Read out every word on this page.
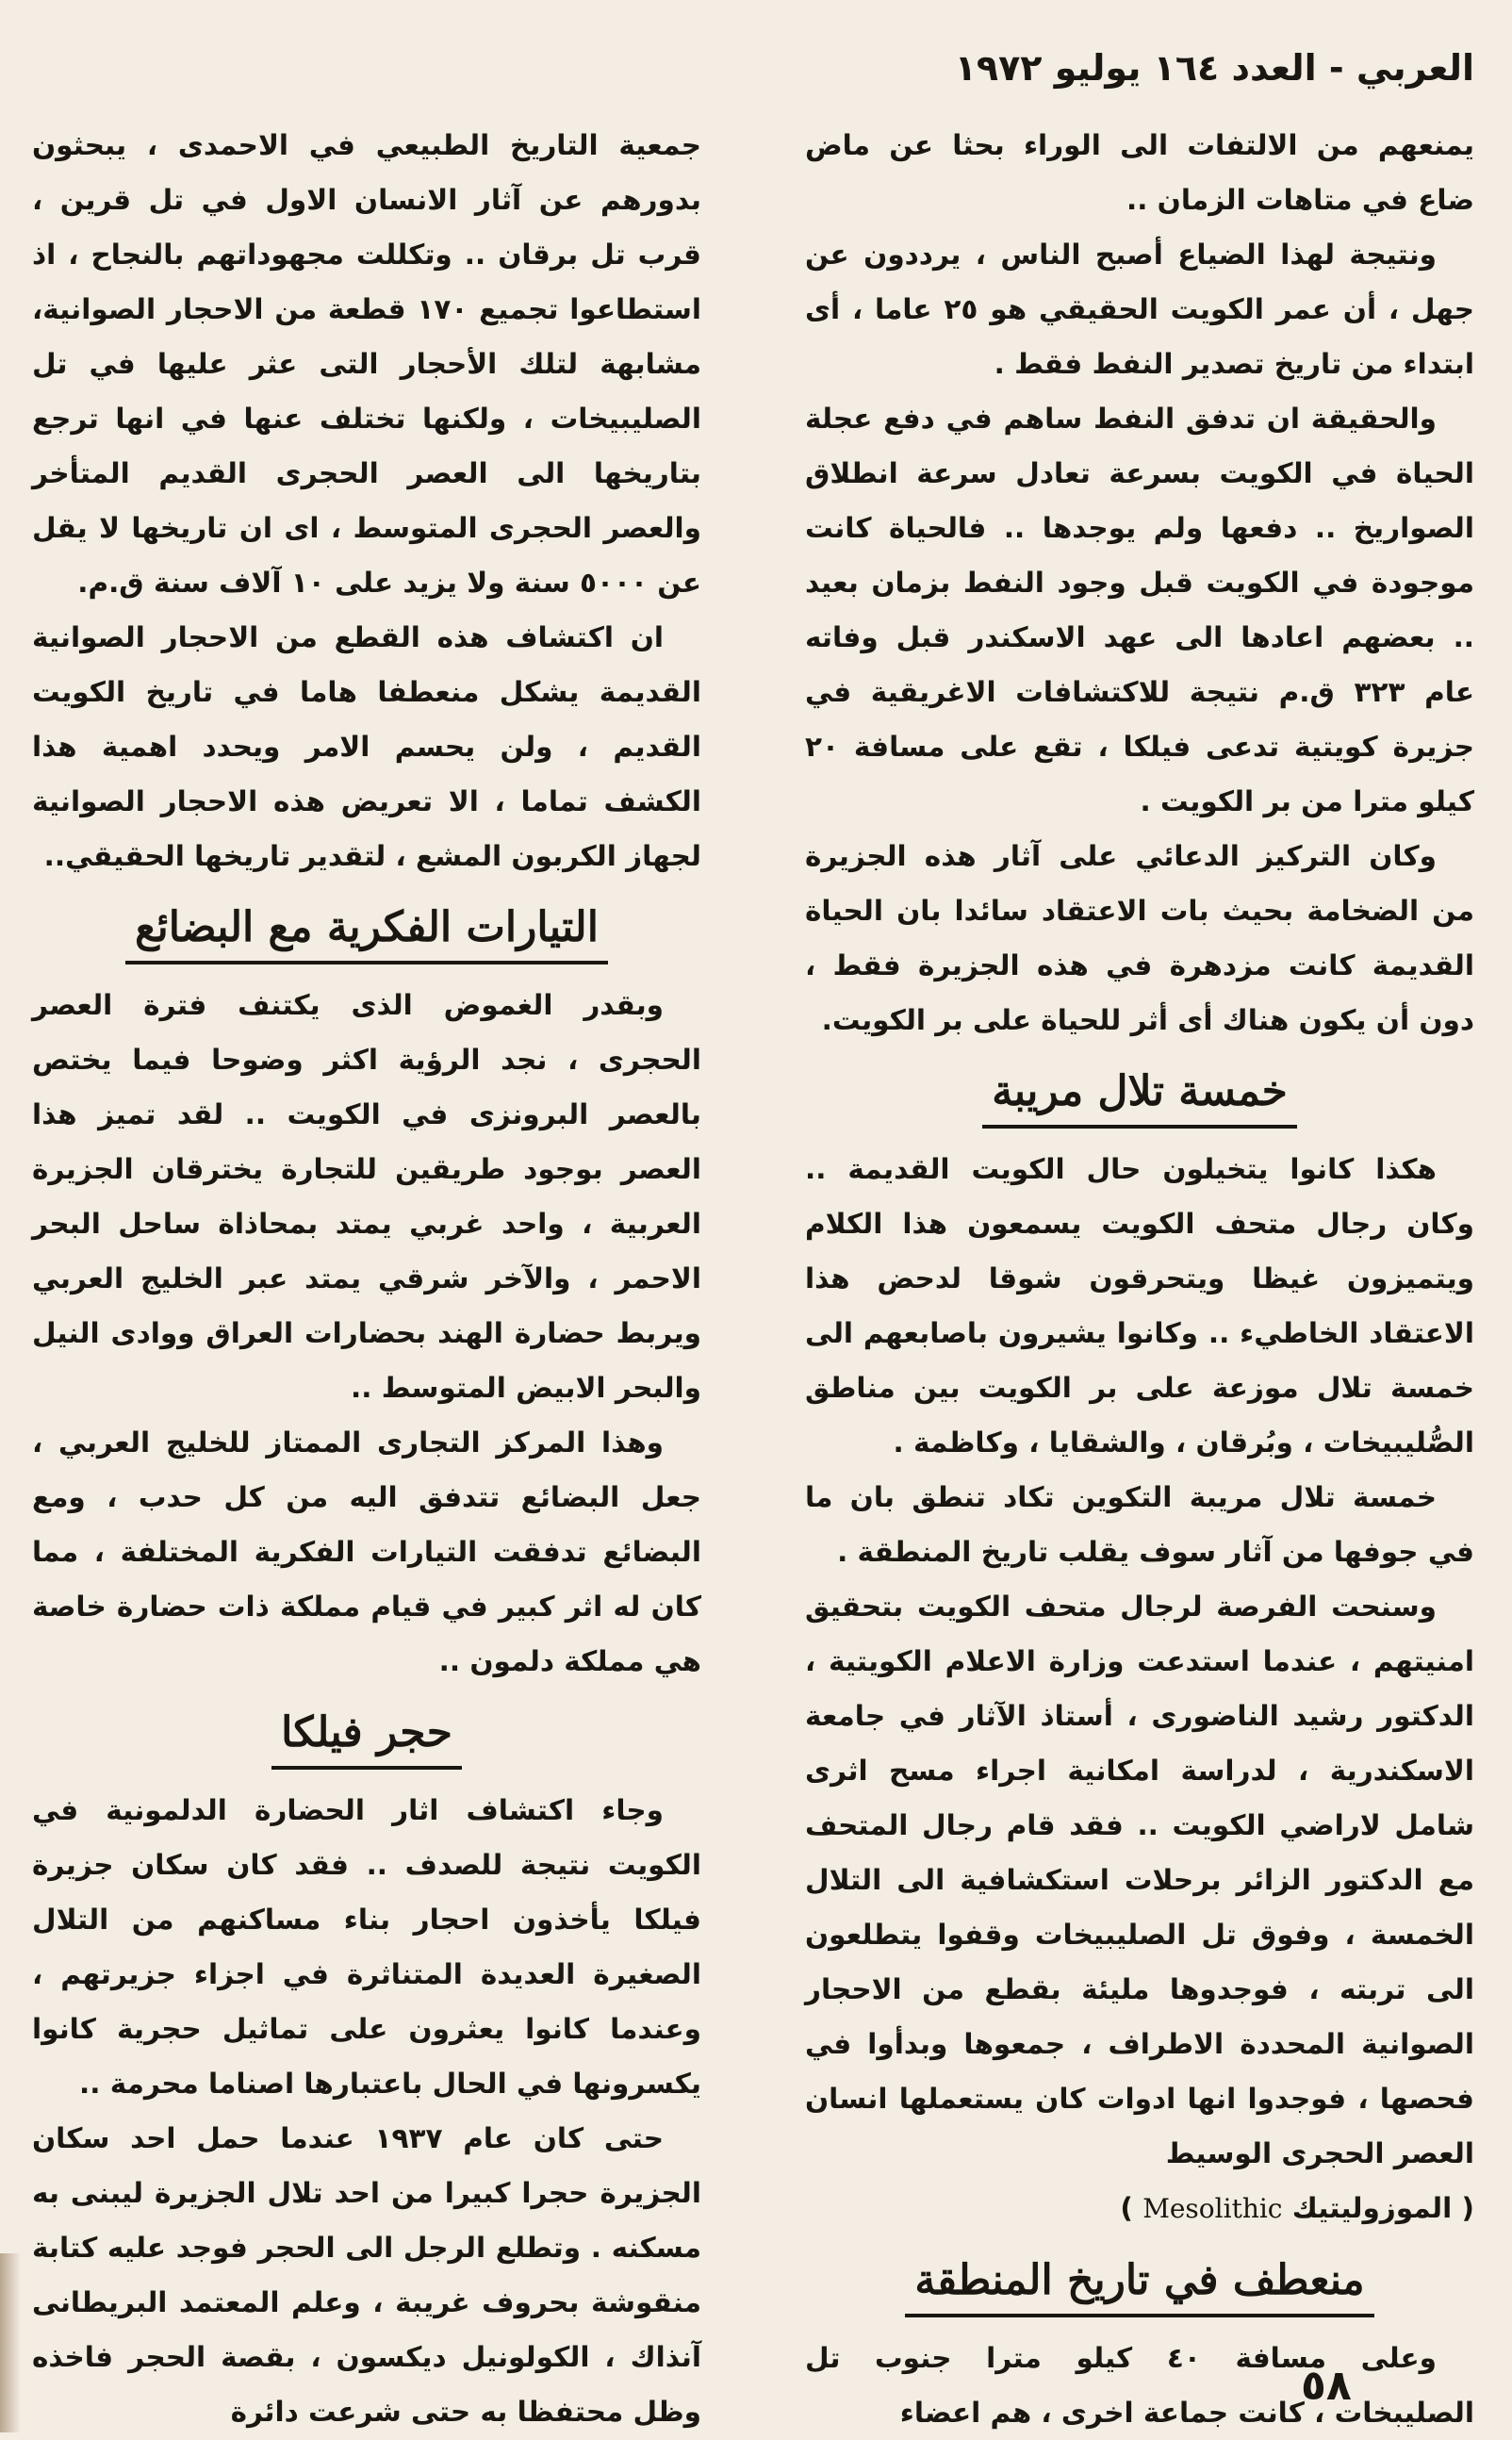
العربي - العدد ١٦٤ يوليو ١٩٧٢

يمنعهم من الالتفات الى الوراء بحثا عن ماض ضاع في متاهات الزمان ..

ونتيجة لهذا الضياع أصبح الناس ، يرددون عن جهل ، أن عمر الكويت الحقيقي هو ٢٥ عاما ، أى ابتداء من تاريخ تصدير النفط فقط .

والحقيقة ان تدفق النفط ساهم في دفع عجلة الحياة في الكويت بسرعة تعادل سرعة انطلاق الصواريخ .. دفعها ولم يوجدها .. فالحياة كانت موجودة في الكويت قبل وجود النفط بزمان بعيد .. بعضهم اعادها الى عهد الاسكندر قبل وفاته عام ٣٢٣ ق.م نتيجة للاكتشافات الاغريقية في جزيرة كويتية تدعى فيلكا ، تقع على مسافة ٢٠ كيلو مترا من بر الكويت .

وكان التركيز الدعائي على آثار هذه الجزيرة من الضخامة بحيث بات الاعتقاد سائدا بان الحياة القديمة كانت مزدهرة في هذه الجزيرة فقط ، دون أن يكون هناك أى أثر للحياة على بر الكويت.

خمسة تلال مريبة

هكذا كانوا يتخيلون حال الكويت القديمة .. وكان رجال متحف الكويت يسمعون هذا الكلام ويتميزون غيظا ويتحرقون شوقا لدحض هذا الاعتقاد الخاطيء .. وكانوا يشيرون باصابعهم الى خمسة تلال موزعة على بر الكويت بين مناطق الصُّليبيخات ، وبُرقان ، والشقايا ، وكاظمة .

خمسة تلال مريبة التكوين تكاد تنطق بان ما في جوفها من آثار سوف يقلب تاريخ المنطقة .

وسنحت الفرصة لرجال متحف الكويت بتحقيق امنيتهم ، عندما استدعت وزارة الاعلام الكويتية ، الدكتور رشيد الناضورى ، أستاذ الآثار في جامعة الاسكندرية ، لدراسة امكانية اجراء مسح اثرى شامل لاراضي الكويت .. فقد قام رجال المتحف مع الدكتور الزائر برحلات استكشافية الى التلال الخمسة ، وفوق تل الصليبيخات وقفوا يتطلعون الى تربته ، فوجدوها مليئة بقطع من الاحجار الصوانية المحددة الاطراف ، جمعوها وبدأوا في فحصها ، فوجدوا انها ادوات كان يستعملها انسان العصر الحجرى الوسيط

( الموزوليتيك Mesolithic )

منعطف في تاريخ المنطقة

وعلى مسافة ٤٠ كيلو مترا جنوب تل الصليبخات ، كانت جماعة اخرى ، هم اعضاء

جمعية التاريخ الطبيعي في الاحمدى ، يبحثون بدورهم عن آثار الانسان الاول في تل قرين ، قرب تل برقان .. وتكللت مجهوداتهم بالنجاح ، اذ استطاعوا تجميع ١٧٠ قطعة من الاحجار الصوانية، مشابهة لتلك الأحجار التى عثر عليها في تل الصليبيخات ، ولكنها تختلف عنها في انها ترجع بتاريخها الى العصر الحجرى القديم المتأخر والعصر الحجرى المتوسط ، اى ان تاريخها لا يقل عن ٥٠٠٠ سنة ولا يزيد على ١٠ آلاف سنة ق.م.

ان اكتشاف هذه القطع من الاحجار الصوانية القديمة يشكل منعطفا هاما في تاريخ الكويت القديم ، ولن يحسم الامر ويحدد اهمية هذا الكشف تماما ، الا تعريض هذه الاحجار الصوانية لجهاز الكربون المشع ، لتقدير تاريخها الحقيقي..

التيارات الفكرية مع البضائع

وبقدر الغموض الذى يكتنف فترة العصر الحجرى ، نجد الرؤية اكثر وضوحا فيما يختص بالعصر البرونزى في الكويت .. لقد تميز هذا العصر بوجود طريقين للتجارة يخترقان الجزيرة العربية ، واحد غربي يمتد بمحاذاة ساحل البحر الاحمر ، والآخر شرقي يمتد عبر الخليج العربي ويربط حضارة الهند بحضارات العراق ووادى النيل والبحر الابيض المتوسط ..

وهذا المركز التجارى الممتاز للخليج العربي ، جعل البضائع تتدفق اليه من كل حدب ، ومع البضائع تدفقت التيارات الفكرية المختلفة ، مما كان له اثر كبير في قيام مملكة ذات حضارة خاصة هي مملكة دلمون ..

حجر فيلكا

وجاء اكتشاف اثار الحضارة الدلمونية في الكويت نتيجة للصدف .. فقد كان سكان جزيرة فيلكا يأخذون احجار بناء مساكنهم من التلال الصغيرة العديدة المتناثرة في اجزاء جزيرتهم ، وعندما كانوا يعثرون على تماثيل حجرية كانوا يكسرونها في الحال باعتبارها اصناما محرمة ..

حتى كان عام ١٩٣٧ عندما حمل احد سكان الجزيرة حجرا كبيرا من احد تلال الجزيرة ليبنى به مسكنه . وتطلع الرجل الى الحجر فوجد عليه كتابة منقوشة بحروف غريبة ، وعلم المعتمد البريطانى آنذاك ، الكولونيل ديكسون ، بقصة الحجر فاخذه وظل محتفظا به حتى شرعت دائرة

٥٨
